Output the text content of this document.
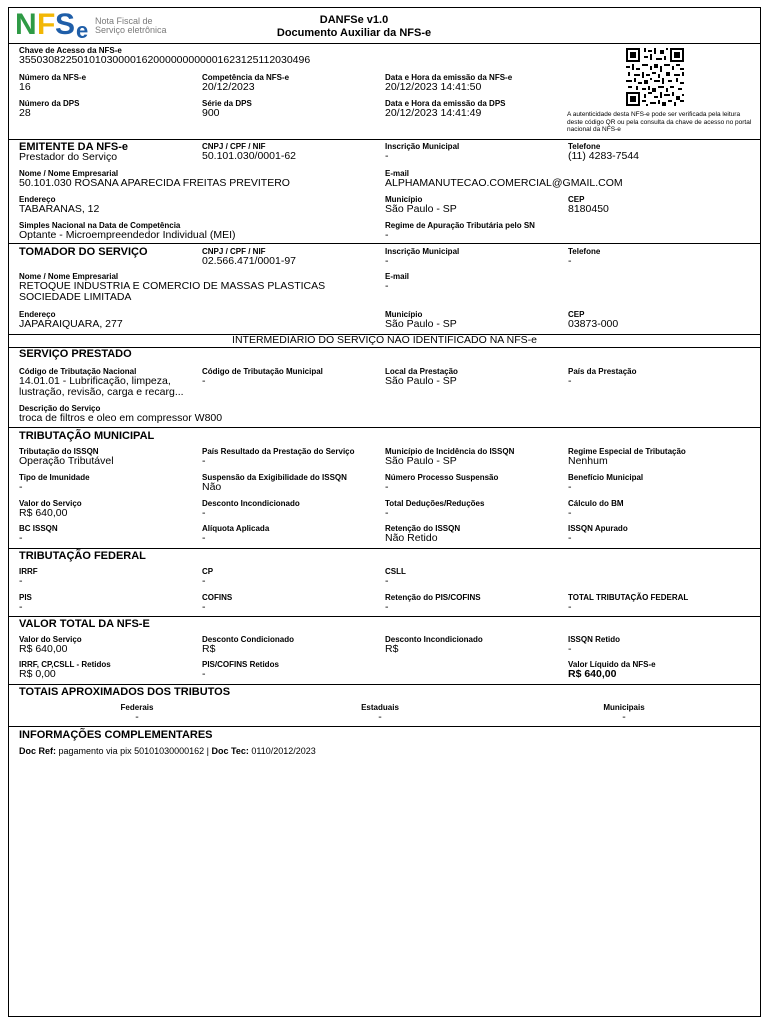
N F S e Nota Fiscal de
Serviço eletrônica
DANFSe v1.0
Documento Auxiliar da NFS-e
Chave de Acesso da NFS-e
35503082250101030000162000000000001623125112030496
Número da NFS-e
16
Competência da NFS-e
20/12/2023
Data e Hora da emissão da NFS-e
20/12/2023 14:41:50
Número da DPS
28
Série da DPS
900
Data e Hora da emissão da DPS
20/12/2023 14:41:49	A autenticidade desta NFS-e pode ser verificada pela leitura deste código QR ou pela consulta da chave de acesso no portal nacional da NFS-e
EMITENTE DA NFS-e
Prestador do Serviço
CNPJ / CPF / NIF
50.101.030/0001-62
Inscrição Municipal
-
Telefone
(11) 4283-7544
Nome / Nome Empresarial
50.101.030 ROSANA APARECIDA FREITAS PREVITERO
E-mail
ALPHAMANUTECAO.COMERCIAL@GMAIL.COM
Endereço
TABARANAS, 12
Município
São Paulo - SP
CEP
8180450
Simples Nacional na Data de Competência
Optante - Microempreendedor Individual (MEI)
Regime de Apuração Tributária pelo SN
-
TOMADOR DO SERVIÇO	CNPJ / CPF / NIF
02.566.471/0001-97
Inscrição Municipal
-
Telefone
-
Nome / Nome Empresarial
RETOQUE INDUSTRIA E COMERCIO DE MASSAS PLASTICAS
SOCIEDADE LIMITADA
E-mail
-
Endereço
JAPARAIQUARA, 277
Município
São Paulo - SP
CEP
03873-000
INTERMEDIÁRIO DO SERVIÇO NÃO IDENTIFICADO NA NFS-e
SERVIÇO PRESTADO
Código de Tributação Nacional
14.01.01 - Lubrificação, limpeza,
lustração, revisão, carga e recarg...
Código de Tributação Municipal
-
Local da Prestação
São Paulo - SP
País da Prestação
-
Descrição do Serviço
troca de filtros e oleo em compressor W800
TRIBUTAÇÃO MUNICIPAL
Tributação do ISSQN
Operação Tributável
País Resultado da Prestação do Serviço
-
Município de Incidência do ISSQN
São Paulo - SP
Regime Especial de Tributação
Nenhum
Tipo de Imunidade
-
Suspensão da Exigibilidade do ISSQN
Não
Número Processo Suspensão
-
Benefício Municipal
-
Valor do Serviço
R$ 640,00
Desconto Incondicionado
-
Total Deduções/Reduções
-
Cálculo do BM
-
BC ISSQN
-
Alíquota Aplicada
-
Retenção do ISSQN
Não Retido
ISSQN Apurado
-
TRIBUTAÇÃO FEDERAL
IRRF
-
CP
-
CSLL
-
PIS
-
COFINS
-
Retenção do PIS/COFINS
-
TOTAL TRIBUTAÇÃO FEDERAL
-
VALOR TOTAL DA NFS-E
Valor do Serviço
R$ 640,00
Desconto Condicionado
R$
Desconto Incondicionado
R$
ISSQN Retido
-
IRRF, CP,CSLL - Retidos
R$ 0,00
PIS/COFINS Retidos
-
Valor Líquido da NFS-e
R$ 640,00
TOTAIS APROXIMADOS DOS TRIBUTOS
Federais
-
Estaduais
-
Municipais
-
INFORMAÇÕES COMPLEMENTARES
Doc Ref: pagamento via pix 50101030000162 | Doc Tec: 0110/2012/2023
